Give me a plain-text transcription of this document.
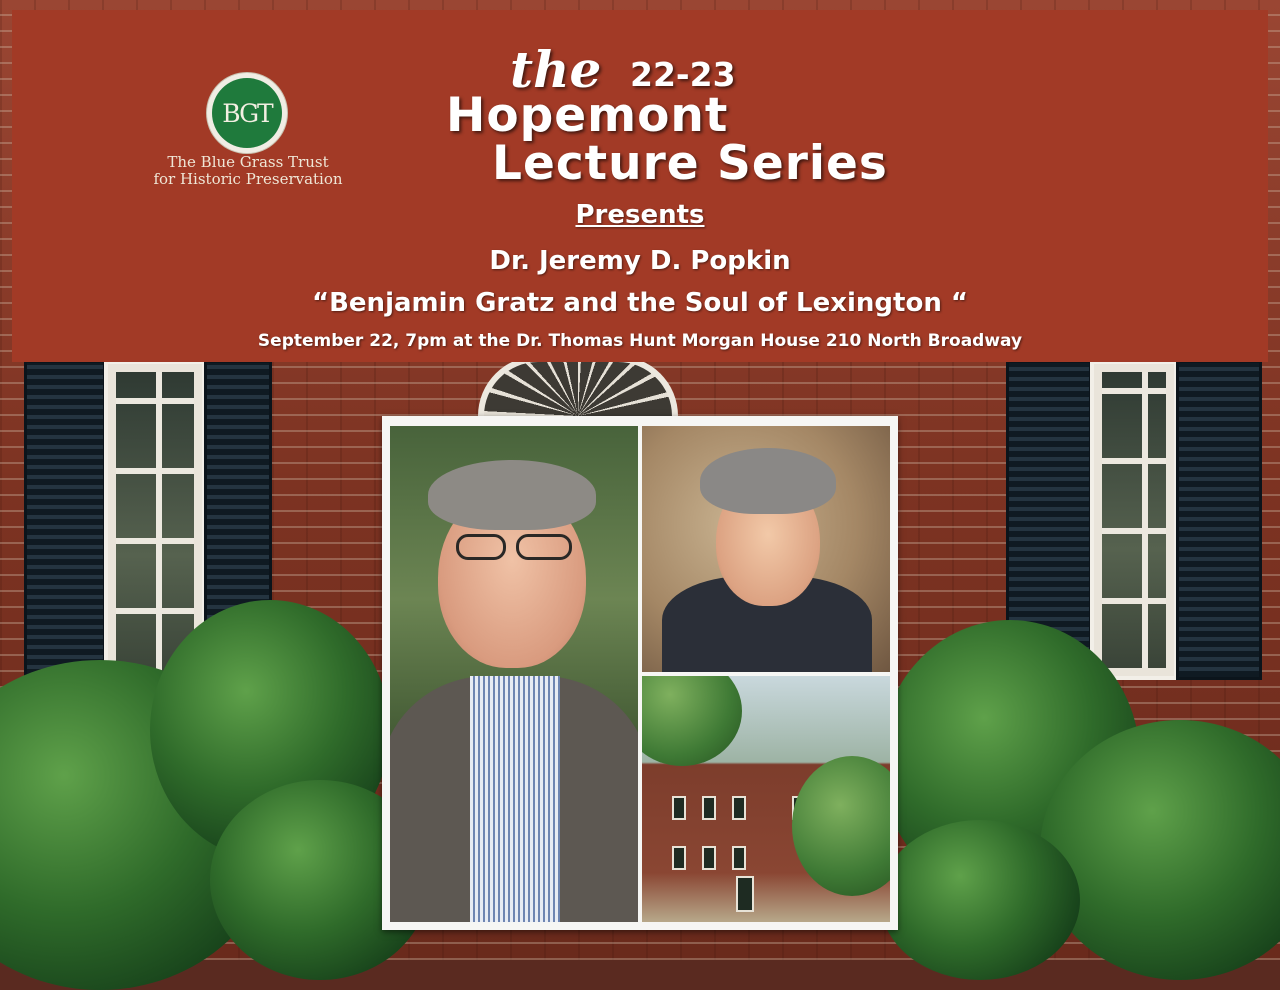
BGT
The Blue Grass Trust
for Historic Preservation
the 22-23
Hopemont
Lecture Series
Presents
Dr. Jeremy D. Popkin
“Benjamin Gratz and the Soul of Lexington “
September 22, 7pm at the Dr. Thomas Hunt Morgan House 210 North Broadway
